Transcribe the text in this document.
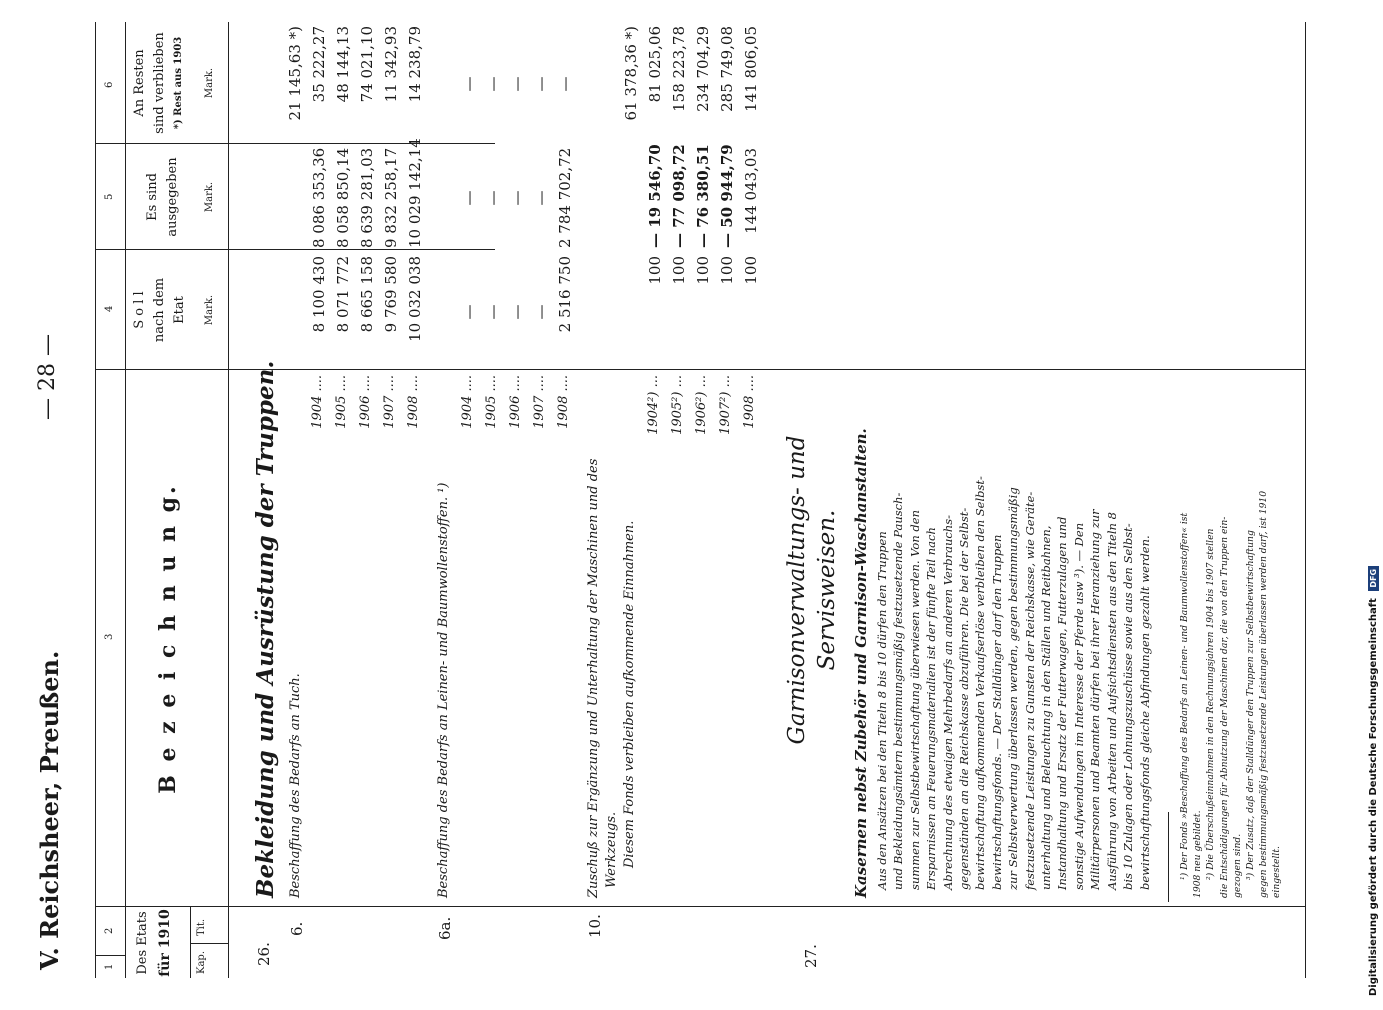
V. Reichsheer, Preußen.
— 28 —
1
2
3
4
5
6
Des Etats für 1910 Kap.
Tit.
B e z e i c h n u n g.
S o l l nach dem Etat Mark.
Es sind ausgegeben Mark.
An Resten sind verblieben *) Rest aus 1903 Mark.
26.
Bekleidung und Ausrüstung der Truppen.
6.
Beschaffung des Bedarfs an Tuch.
1904 .... 1905 .... 1906 .... 1907 .... 1908 ....
8 100 430 8 071 772 8 665 158 9 769 580 10 032 038
8 086 353,36 8 058 850,14 8 639 281,03 9 832 258,17 10 029 142,14
21 145,63 *) 35 222,27 48 144,13 74 021,10 11 342,93 14 238,79
6a.
Beschaffung des Bedarfs an Leinen- und Baumwollenstoffen. ¹)
1904 .... 1905 .... 1906 .... 1907 .... 1908 ....
— — — — 2 516 750
— — — — 2 784 702,72
— — — — —
10.
Zuschuß zur Ergänzung und Unterhaltung der Maschinen und des Werkzeugs. Diesem Fonds verbleiben aufkommende Einnahmen.
1904²) ... 1905²) ... 1906²) ... 1907²) ... 1908 ....
100 100 100 100 100
— 19 546,70 — 77 098,72 — 76 380,51 — 50 944,79 144 043,03
61 378,36 *) 81 025,06 158 223,78 234 704,29 285 749,08 141 806,05
27.
Garnisonverwaltungs- und Servisweisen. Kasernen nebst Zubehör und Garnison-Waschanstalten. Aus den Ansätzen bei den Titeln 8 bis 10 dürfen den Truppen und Bekleidungsämtern bestimmungsmäßig festzusetzende Pausch- summen zur Selbstbewirtschaftung überwiesen werden. Von den Ersparnissen an Feuerungsmaterialien ist der fünfte Teil nach Abrechnung des etwaigen Mehrbedarfs an anderen Verbrauchs- gegenständen an die Reichskasse abzuführen. Die bei der Selbst- bewirtschaftung aufkommenden Verkaufserlöse verbleiben den Selbst- bewirtschaftungsfonds. — Der Stalldünger darf den Truppen zur Selbstverwertung überlassen werden, gegen bestimmungsmäßig festzusetzende Leistungen zu Gunsten der Reichskasse, wie Geräte- unterhaltung und Beleuchtung in den Ställen und Reitbahnen, Instandhaltung und Ersatz der Futterwagen, Futterzulagen und sonstige Aufwendungen im Interesse der Pferde usw ³). — Den Militärpersonen und Beamten dürfen bei ihrer Heranziehung zur Ausführung von Arbeiten und Aufsichtsdiensten aus den Titeln 8 bis 10 Zulagen oder Lohnungszuschüsse sowie aus den Selbst- bewirtschaftungsfonds gleiche Abfindungen gezahlt werden.	¹) Der Fonds »Beschaffung des Bedarfs an Leinen- und Baumwollenstoffen« ist 1908 neu gebildet. ²) Die Überschußeinnahmen in den Rechnungsjahren 1904 bis 1907 stellen die Entschädigungen für Abnutzung der Maschinen dar, die von den Truppen ein- gezogen sind. ³) Der Zusatz, daß der Stalldünger den Truppen zur Selbstbewirtschaftung gegen bestimmungsmäßig festzusetzende Leistungen überlassen werden darf, ist 1910 eingestellt.	Digitalisierung gefördert durch die Deutsche Forschungsgemeinschaft DFG
